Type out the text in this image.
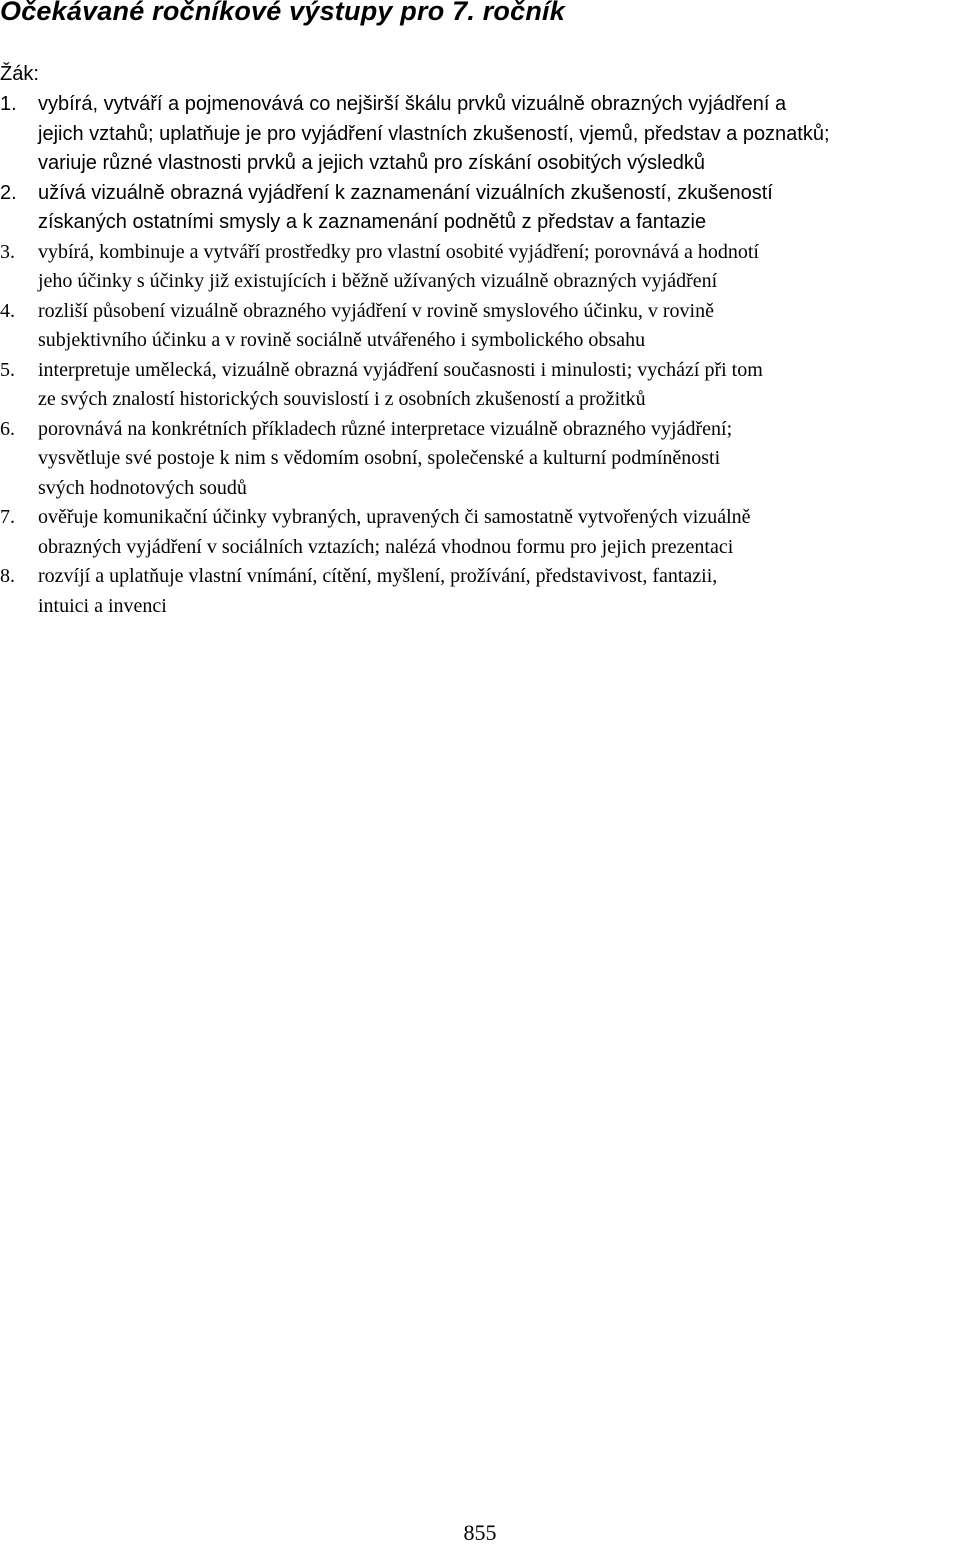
Očekávané ročníkové výstupy pro 7. ročník
Žák:
1. vybírá, vytváří a pojmenovává co nejširší škálu prvků vizuálně obrazných vyjádření a
jejich vztahů; uplatňuje je pro vyjádření vlastních zkušeností, vjemů, představ a poznatků;
variuje různé vlastnosti prvků a jejich vztahů pro získání osobitých výsledků
2. užívá vizuálně obrazná vyjádření k zaznamenání vizuálních zkušeností, zkušeností
získaných ostatními smysly a k zaznamenání podnětů z představ a fantazie
3. vybírá, kombinuje a vytváří prostředky pro vlastní osobité vyjádření; porovnává a hodnotí
jeho účinky s účinky již existujících i běžně užívaných vizuálně obrazných vyjádření
4. rozliší působení vizuálně obrazného vyjádření v rovině smyslového účinku, v rovině
subjektivního účinku a v rovině sociálně utvářeného i symbolického obsahu
5. interpretuje umělecká, vizuálně obrazná vyjádření současnosti i minulosti; vychází při tom
ze svých znalostí historických souvislostí i z osobních zkušeností a prožitků
6. porovnává na konkrétních příkladech různé interpretace vizuálně obrazného vyjádření;
vysvětluje své postoje k nim s vědomím osobní, společenské a kulturní podmíněnosti
svých hodnotových soudů
7. ověřuje komunikační účinky vybraných, upravených či samostatně vytvořených vizuálně
obrazných vyjádření v sociálních vztazích; nalézá vhodnou formu pro jejich prezentaci
8. rozvíjí a uplatňuje vlastní vnímání, cítění, myšlení, prožívání, představivost, fantazii,
intuici a invenci
855
